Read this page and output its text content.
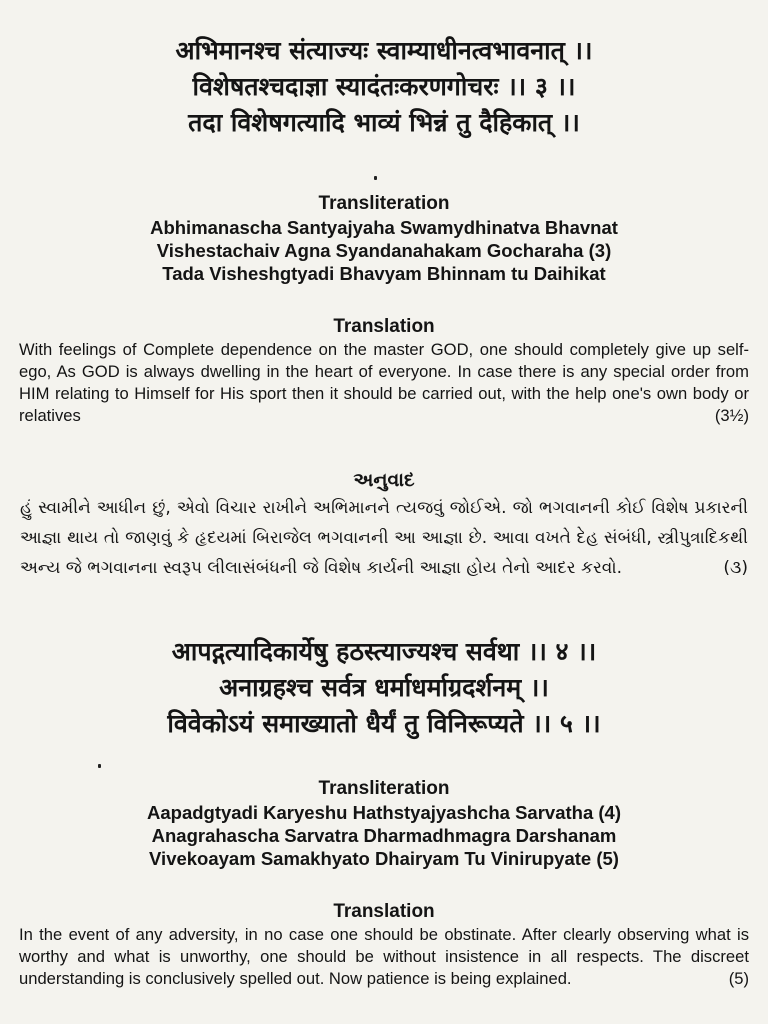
अभिमानश्च संत्याज्यः स्वाम्याधीनत्वभावनात् ।।
विशेषतश्चदाज्ञा स्यादंतःकरणगोचरः ।। ३ ।।
तदा विशेषगत्यादि भाव्यं भिन्नं तु दैहिकात् ।।
Transliteration
Abhimanascha Santyajyaha Swamydhinatva Bhavnat
Vishestachaiv Agna Syandanahakam Gocharaha (3)
Tada Visheshgtyadi Bhavyam Bhinnam tu Daihikat
Translation
With feelings of Complete dependence on the master GOD, one should completely give up self-ego, As GOD is always dwelling in the heart of everyone. In case there is any special order from HIM relating to Himself for His sport then it should be carried out, with the help one's own body or relatives	(3½)
અનુવાદ
હું સ્વામીને આધીન છું, એવો વિચાર રાખીને અભિમાનને ત્યજવું જોઈએ. જો ભગવાનની કોઈ વિશેષ પ્રકારની આજ્ઞા થાય તો જાણવું કે હૃદયમાં બિરાજેલ ભગવાનની આ આજ્ઞા છે. આવા વખતે દેહ સંબંધી, સ્ત્રીપુત્રાદિકથી અન્ય જે ભગવાનના સ્વરૂપ લીલાસંબંધની જે વિશેષ કાર્યની આજ્ઞા હોય તેનો આદર કરવો.	(૩)
आपद्गत्यादिकार्येषु हठस्त्याज्यश्च सर्वथा ।। ४ ।।
अनाग्रहश्च सर्वत्र धर्माधर्माग्रदर्शनम् ।।
विवेकोऽयं समाख्यातो धैर्यं तु विनिरूप्यते ।। ५ ।।
Transliteration
Aapadgtyadi Karyeshu Hathstyajyashcha Sarvatha (4)
Anagrahascha Sarvatra Dharmadhmagra Darshanam
Vivekoayam Samakhyato Dhairyam Tu Vinirupyate (5)
Translation
In the event of any adversity, in no case one should be obstinate. After clearly observing what is worthy and what is unworthy, one should be without insistence in all respects. The discreet understanding is conclusively spelled out. Now patience is being explained.	(5)
